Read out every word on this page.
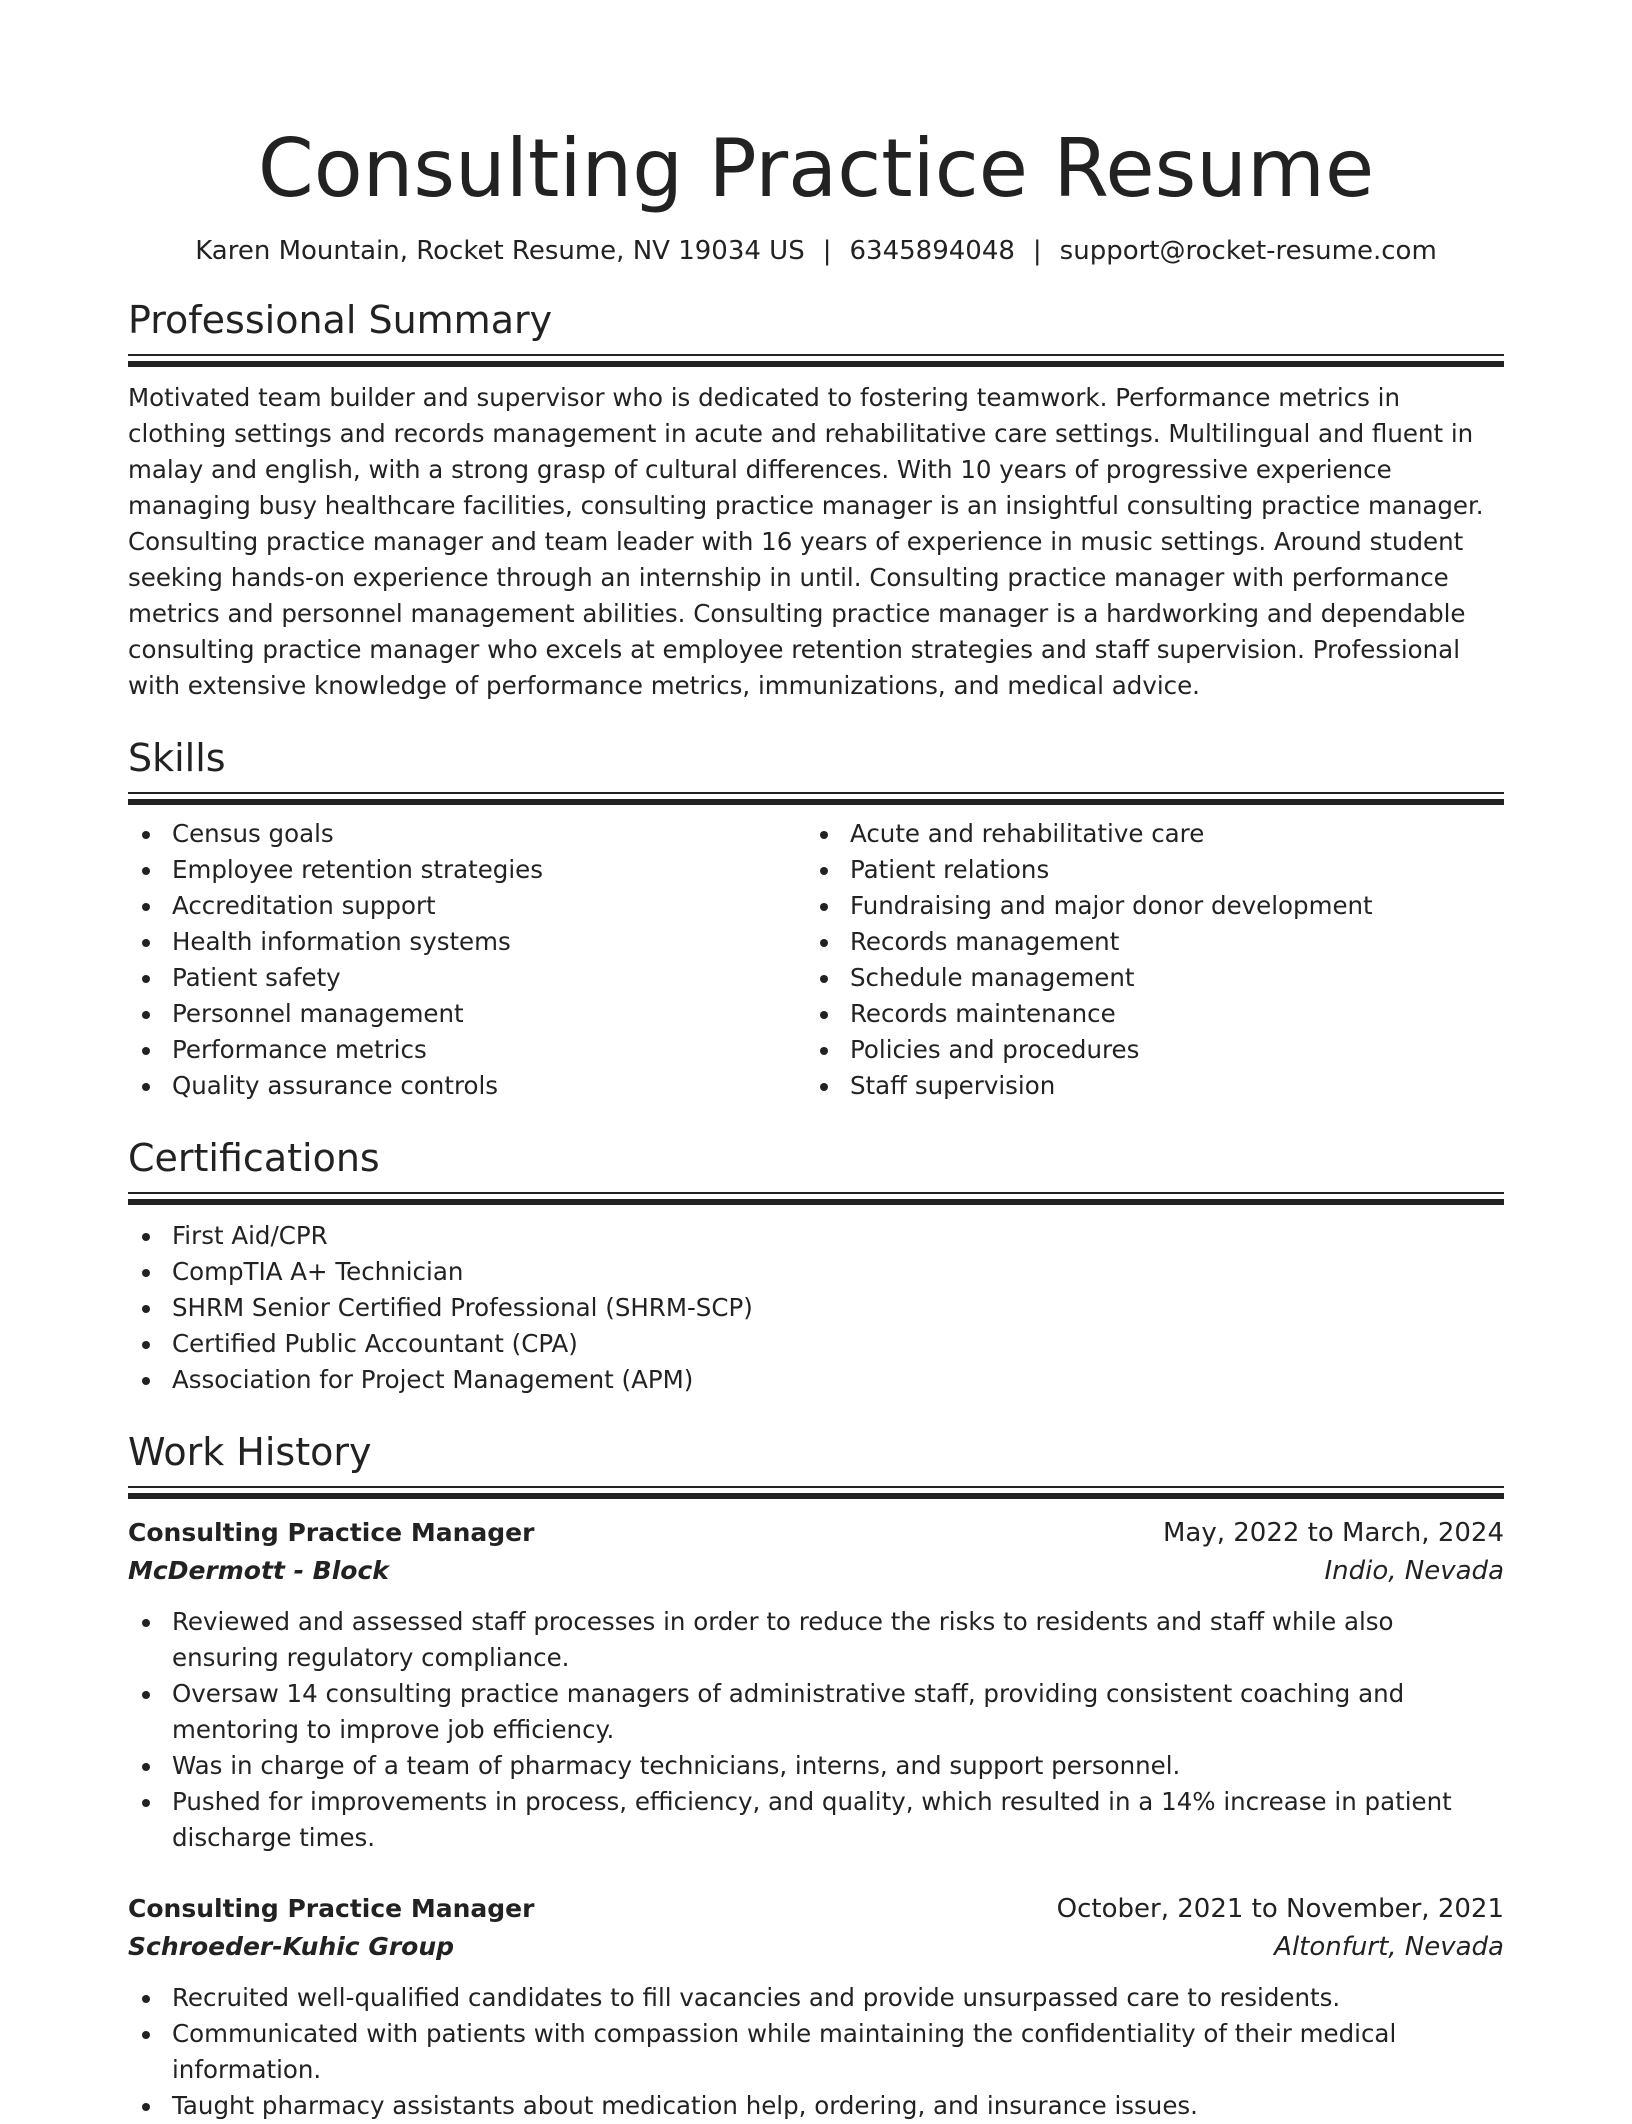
Consulting Practice Resume
Karen Mountain, Rocket Resume, NV 19034 US | 6345894048 | support@rocket-resume.com
Professional Summary
Motivated team builder and supervisor who is dedicated to fostering teamwork. Performance metrics in clothing settings and records management in acute and rehabilitative care settings. Multilingual and fluent in malay and english, with a strong grasp of cultural differences. With 10 years of progressive experience managing busy healthcare facilities, consulting practice manager is an insightful consulting practice manager. Consulting practice manager and team leader with 16 years of experience in music settings. Around student seeking hands-on experience through an internship in until. Consulting practice manager with performance metrics and personnel management abilities. Consulting practice manager is a hardworking and dependable consulting practice manager who excels at employee retention strategies and staff supervision. Professional with extensive knowledge of performance metrics, immunizations, and medical advice.
Skills
Census goals
Employee retention strategies
Accreditation support
Health information systems
Patient safety
Personnel management
Performance metrics
Quality assurance controls
Acute and rehabilitative care
Patient relations
Fundraising and major donor development
Records management
Schedule management
Records maintenance
Policies and procedures
Staff supervision
Certifications
First Aid/CPR
CompTIA A+ Technician
SHRM Senior Certified Professional (SHRM-SCP)
Certified Public Accountant (CPA)
Association for Project Management (APM)
Work History
Consulting Practice Manager	May, 2022 to March, 2024
McDermott - Block	Indio, Nevada
Reviewed and assessed staff processes in order to reduce the risks to residents and staff while also ensuring regulatory compliance.
Oversaw 14 consulting practice managers of administrative staff, providing consistent coaching and mentoring to improve job efficiency.
Was in charge of a team of pharmacy technicians, interns, and support personnel.
Pushed for improvements in process, efficiency, and quality, which resulted in a 14% increase in patient discharge times.
Consulting Practice Manager	October, 2021 to November, 2021
Schroeder-Kuhic Group	Altonfurt, Nevada
Recruited well-qualified candidates to fill vacancies and provide unsurpassed care to residents.
Communicated with patients with compassion while maintaining the confidentiality of their medical information.
Taught pharmacy assistants about medication help, ordering, and insurance issues.
